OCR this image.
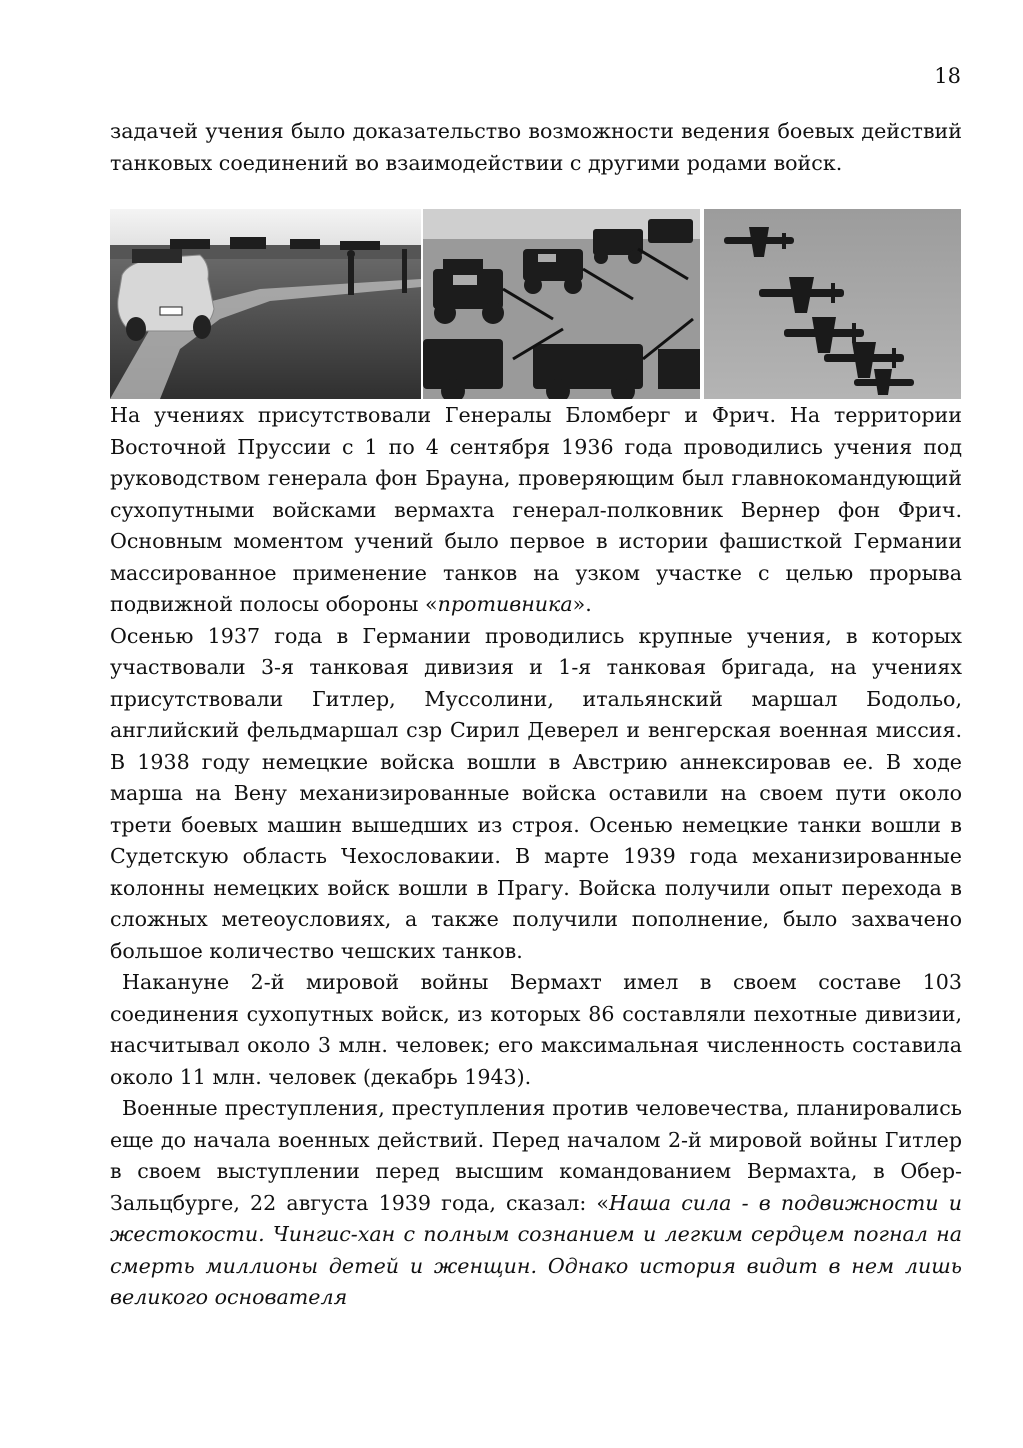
18

задачей учения было доказательство возможности ведения боевых действий танковых соединений во взаимодействии с другими родами войск.

На учениях присутствовали Генералы Бломберг и Фрич. На территории Восточной Пруссии с 1 по 4 сентября 1936 года проводились учения под руководством генерала фон Брауна, проверяющим был главнокомандующий сухопутными войсками вермахта генерал-полковник Вернер фон Фрич. Основным моментом учений было первое в истории фашисткой Германии массированное применение танков на узком участке с целью прорыва подвижной полосы обороны «противника».

Осенью 1937 года в Германии проводились крупные учения, в которых участвовали 3-я танковая дивизия и 1-я танковая бригада, на учениях присутствовали Гитлер, Муссолини, итальянский маршал Бодольо, английский фельдмаршал сзр Сирил Деверел и венгерская военная миссия. В 1938 году немецкие войска вошли в Австрию аннексировав ее. В ходе марша на Вену механизированные войска оставили на своем пути около трети боевых машин вышедших из строя. Осенью немецкие танки вошли в Судетскую область Чехословакии. В марте 1939 года механизированные колонны немецких войск вошли в Прагу. Войска получили опыт перехода в сложных метеоусловиях, а также получили пополнение, было захвачено большое количество чешских танков.

Накануне 2-й мировой войны Вермахт имел в своем составе 103 соединения сухопутных войск, из которых 86 составляли пехотные дивизии, насчитывал около 3 млн. человек; его максимальная численность составила около 11 млн. человек (декабрь 1943).

Военные преступления, преступления против человечества, планировались еще до начала военных действий. Перед началом 2-й мировой войны Гитлер в своем выступлении перед высшим командованием Вермахта, в Обер-Зальцбурге, 22 августа 1939 года, сказал: «Наша сила - в подвижности и жестокости. Чингис-хан с полным сознанием и легким сердцем погнал на смерть миллионы детей и женщин. Однако история видит в нем лишь великого основателя
